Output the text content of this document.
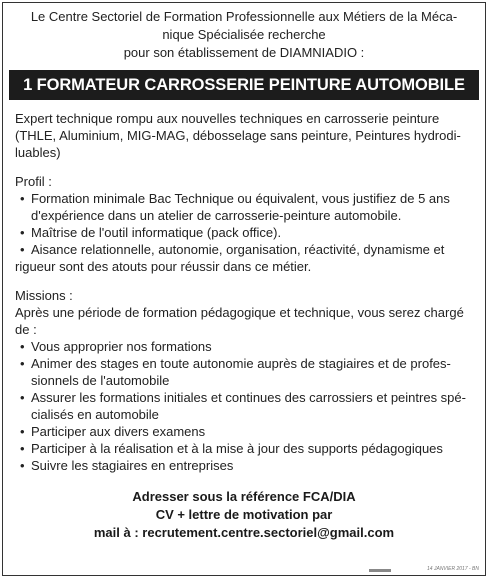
Le Centre Sectoriel de Formation Professionnelle aux Métiers de la Méca-
nique Spécialisée recherche
pour son établissement de DIAMNIADIO :
1 FORMATEUR CARROSSERIE PEINTURE AUTOMOBILE
Expert technique rompu aux nouvelles techniques en carrosserie peinture (THLE, Aluminium, MIG-MAG, débosselage sans peinture, Peintures hydrodi-luables)
Profil :
• Formation minimale Bac Technique ou équivalent, vous justifiez de 5 ans d'expérience dans un atelier de carrosserie-peinture automobile.
• Maîtrise de l'outil informatique (pack office).
• Aisance relationnelle, autonomie, organisation, réactivité, dynamisme et rigueur sont des atouts pour réussir dans ce métier.
Missions :
Après une période de formation pédagogique et technique, vous serez chargé de :
• Vous approprier nos formations
• Animer des stages en toute autonomie auprès de stagiaires et de profes-sionnels de l'automobile
• Assurer les formations initiales et continues des carrossiers et peintres spé-cialisés en automobile
• Participer aux divers examens
• Participer à la réalisation et à la mise à jour des supports pédagogiques
• Suivre les stagiaires en entreprises
Adresser sous la référence FCA/DIA
CV + lettre de motivation par
mail à : recrutement.centre.sectoriel@gmail.com
14 JANVIER 2017 - BN
